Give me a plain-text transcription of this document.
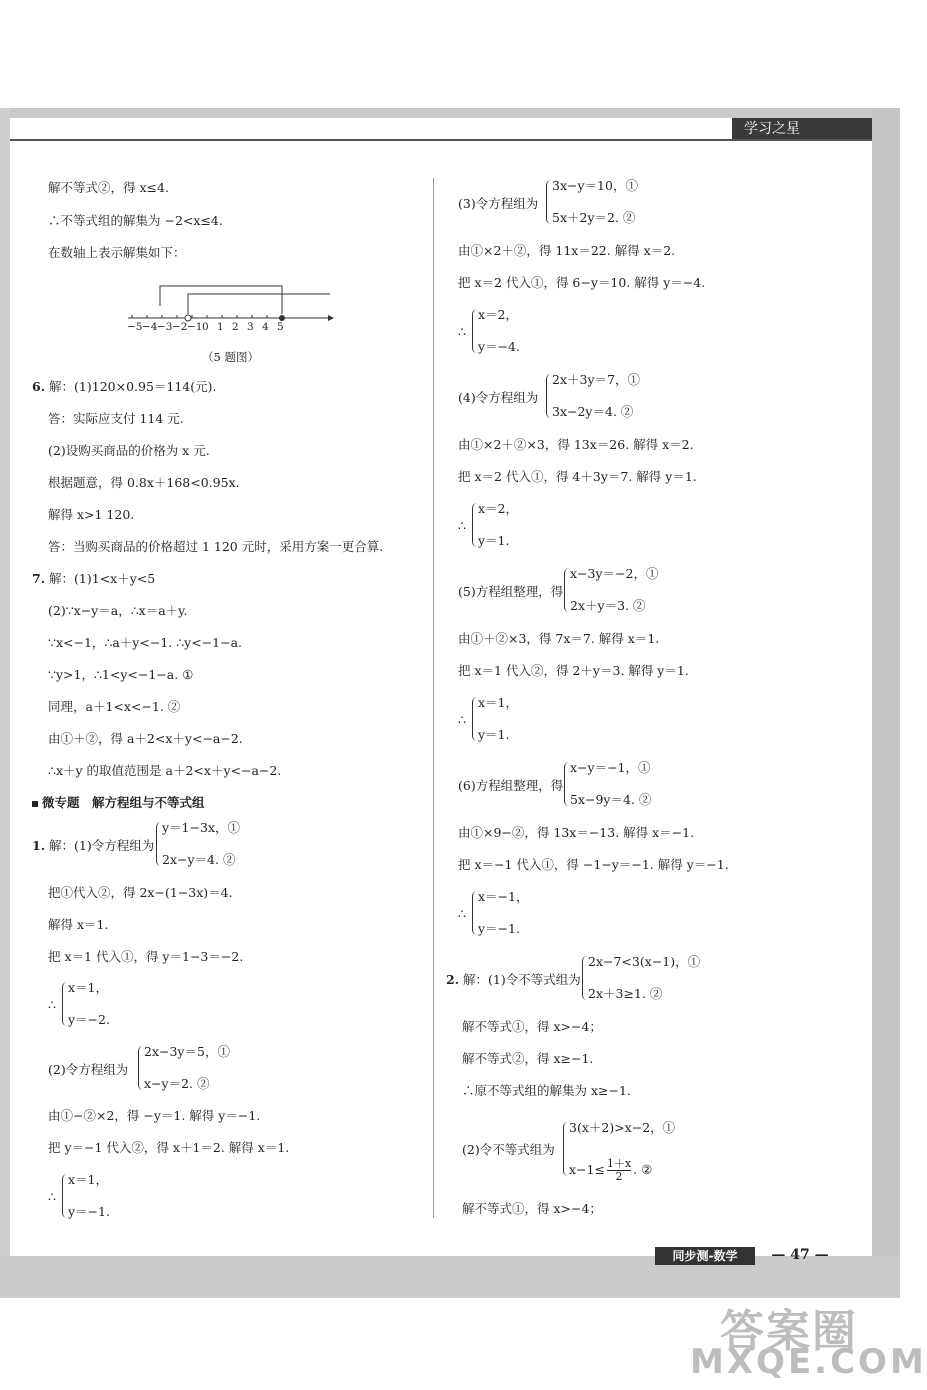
学习之星
解不等式②，得 x≤4.
∴不等式组的解集为 −2<x≤4.
在数轴上表示解集如下：
−5 −4 −3 −2 −1 0 1 2 3 4 5
（5 题图）
6. 解：(1)120×0.95＝114(元).
答：实际应支付 114 元.
(2)设购买商品的价格为 x 元.
根据题意，得 0.8x＋168<0.95x.
解得 x>1 120.
答：当购买商品的价格超过 1 120 元时，采用方案一更合算.
7. 解：(1)1<x＋y<5
(2)∵x−y＝a，∴x＝a＋y.
∵x<−1，∴a＋y<−1. ∴y<−1−a.
∵y>1，∴1<y<−1−a. ①
同理，a＋1<x<−1. ②
由①＋②，得 a＋2<x＋y<−a−2.
∴x＋y 的取值范围是 a＋2<x＋y<−a−2.
微专题　解方程组与不等式组
1. 解：(1)令方程组为
y＝1−3x，①
2x−y＝4. ②
把①代入②，得 2x−(1−3x)＝4.
解得 x＝1.
把 x＝1 代入①，得 y＝1−3＝−2.
∴
x＝1，
y＝−2.
(2)令方程组为
2x−3y＝5，①
x−y＝2. ②
由①−②×2，得 −y＝1. 解得 y＝−1.
把 y＝−1 代入②，得 x＋1＝2. 解得 x＝1.
∴
x＝1，
y＝−1.
(3)令方程组为
3x−y＝10，①
5x＋2y＝2. ②
由①×2＋②，得 11x＝22. 解得 x＝2.
把 x＝2 代入①，得 6−y＝10. 解得 y＝−4.
∴
x＝2，
y＝−4.
(4)令方程组为
2x＋3y＝7，①
3x−2y＝4. ②
由①×2＋②×3，得 13x＝26. 解得 x＝2.
把 x＝2 代入①，得 4＋3y＝7. 解得 y＝1.
∴
x＝2，
y＝1.
(5)方程组整理，得
x−3y＝−2，①
2x＋y＝3. ②
由①＋②×3，得 7x＝7. 解得 x＝1.
把 x＝1 代入②，得 2＋y＝3. 解得 y＝1.
∴
x＝1，
y＝1.
(6)方程组整理，得
x−y＝−1，①
5x−9y＝4. ②
由①×9−②，得 13x＝−13. 解得 x＝−1.
把 x＝−1 代入①，得 −1−y＝−1. 解得 y＝−1.
∴
x＝−1，
y＝−1.
2. 解：(1)令不等式组为
2x−7<3(x−1)，①
2x＋3≥1. ②
解不等式①，得 x>−4；
解不等式②，得 x≥−1.
∴原不等式组的解集为 x≥−1.
(2)令不等式组为
3(x＋2)>x−2，①
$x-1\le \frac{1+x}{2}$ . ②
解不等式①，得 x>−4；
同步测-数学	— 47 —
答案圈
MXQE.COM
